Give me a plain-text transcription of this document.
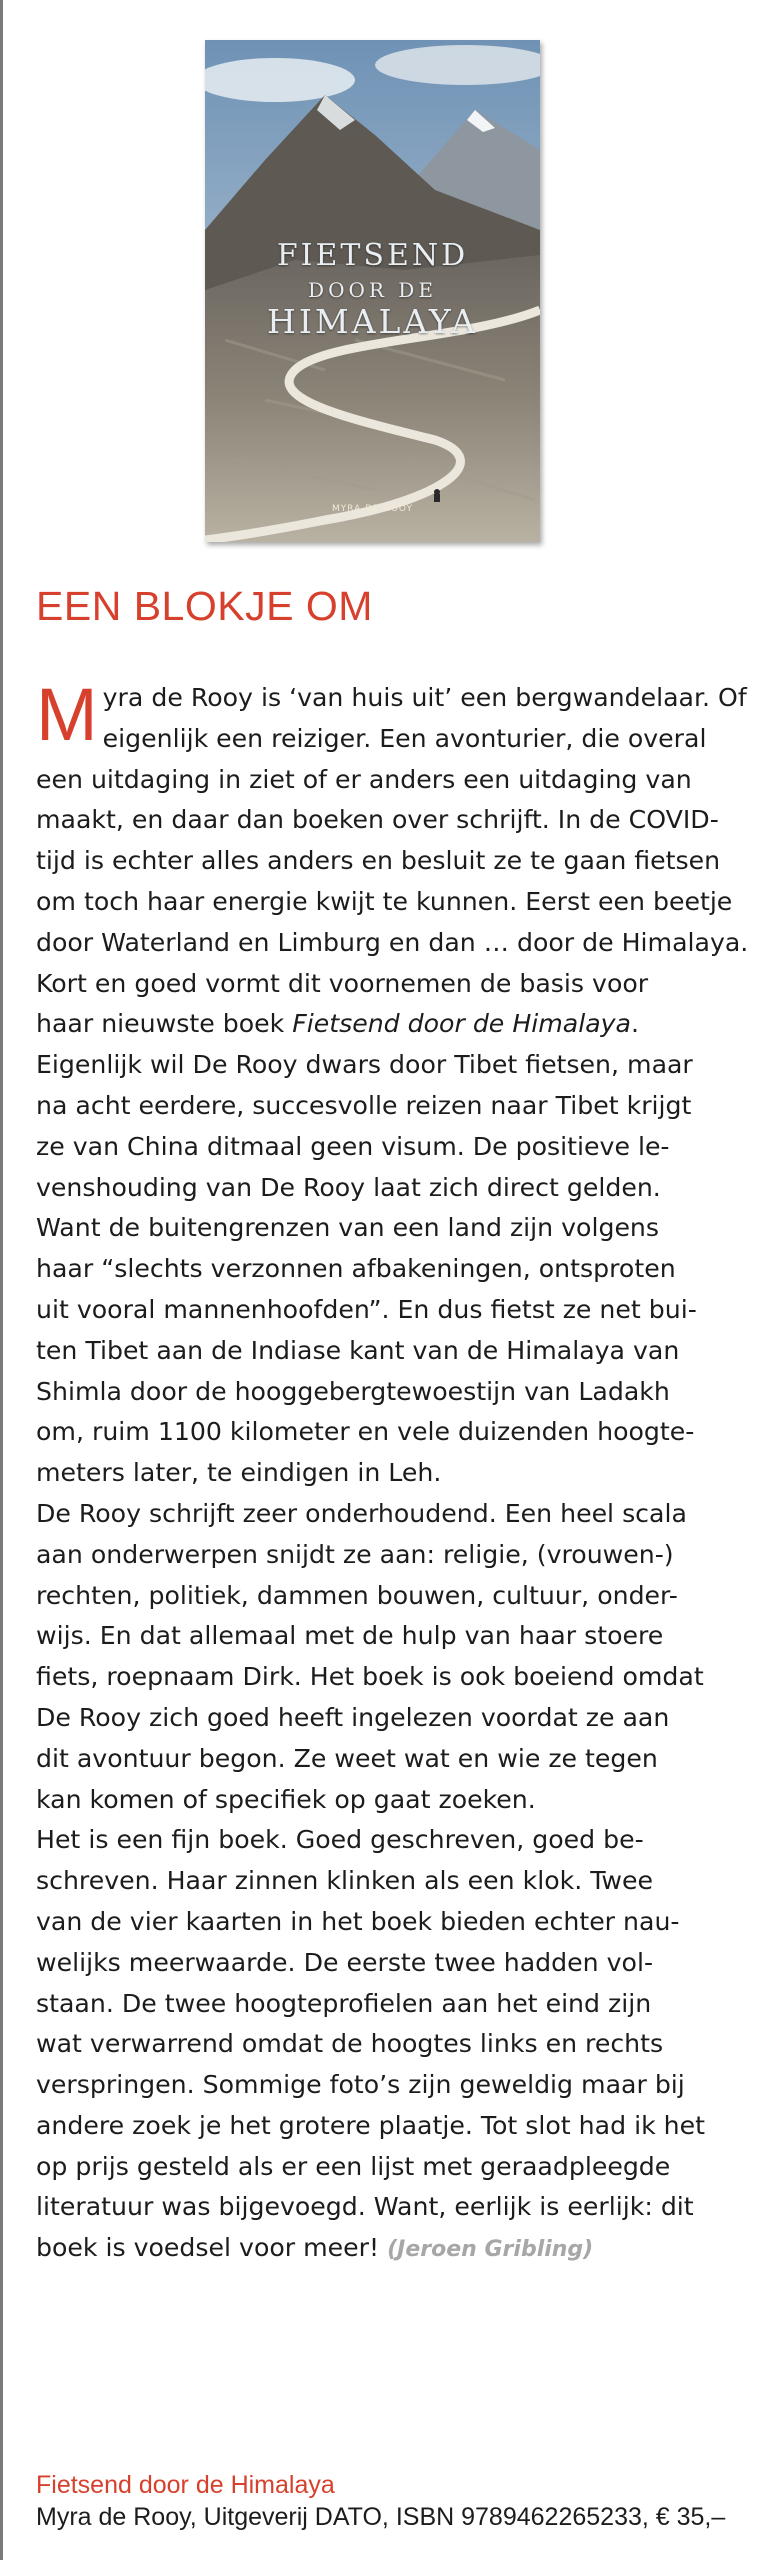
FIETSEND
DOOR DE
HIMALAYA
MYRA DE ROOY
EEN BLOKJE OM
M yra de Rooy is ‘van huis uit’ een bergwandelaar. Of
eigenlijk een reiziger. Een avonturier, die overal
een uitdaging in ziet of er anders een uitdaging van
maakt, en daar dan boeken over schrijft. In de COVID-
tijd is echter alles anders en besluit ze te gaan fietsen
om toch haar energie kwijt te kunnen. Eerst een beetje
door Waterland en Limburg en dan … door de Himalaya.
Kort en goed vormt dit voornemen de basis voor
haar nieuwste boek Fietsend door de Himalaya.
Eigenlijk wil De Rooy dwars door Tibet fietsen, maar
na acht eerdere, succesvolle reizen naar Tibet krijgt
ze van China ditmaal geen visum. De positieve le-
venshouding van De Rooy laat zich direct gelden.
Want de buitengrenzen van een land zijn volgens
haar “slechts verzonnen afbakeningen, ontsproten
uit vooral mannenhoofden”. En dus fietst ze net bui-
ten Tibet aan de Indiase kant van de Himalaya van
Shimla door de hooggebergtewoestijn van Ladakh
om, ruim 1100 kilometer en vele duizenden hoogte-
meters later, te eindigen in Leh.
De Rooy schrijft zeer onderhoudend. Een heel scala
aan onderwerpen snijdt ze aan: religie, (vrouwen-)
rechten, politiek, dammen bouwen, cultuur, onder-
wijs. En dat allemaal met de hulp van haar stoere
fiets, roepnaam Dirk. Het boek is ook boeiend omdat
De Rooy zich goed heeft ingelezen voordat ze aan
dit avontuur begon. Ze weet wat en wie ze tegen
kan komen of specifiek op gaat zoeken.
Het is een fijn boek. Goed geschreven, goed be-
schreven. Haar zinnen klinken als een klok. Twee
van de vier kaarten in het boek bieden echter nau-
welijks meerwaarde. De eerste twee hadden vol-
staan. De twee hoogteprofielen aan het eind zijn
wat verwarrend omdat de hoogtes links en rechts
verspringen. Sommige foto’s zijn geweldig maar bij
andere zoek je het grotere plaatje. Tot slot had ik het
op prijs gesteld als er een lijst met geraadpleegde
literatuur was bijgevoegd. Want, eerlijk is eerlijk: dit
boek is voedsel voor meer! (Jeroen Gribling)
Fietsend door de Himalaya
Myra de Rooy, Uitgeverij DATO, ISBN 9789462265233, € 35,–
